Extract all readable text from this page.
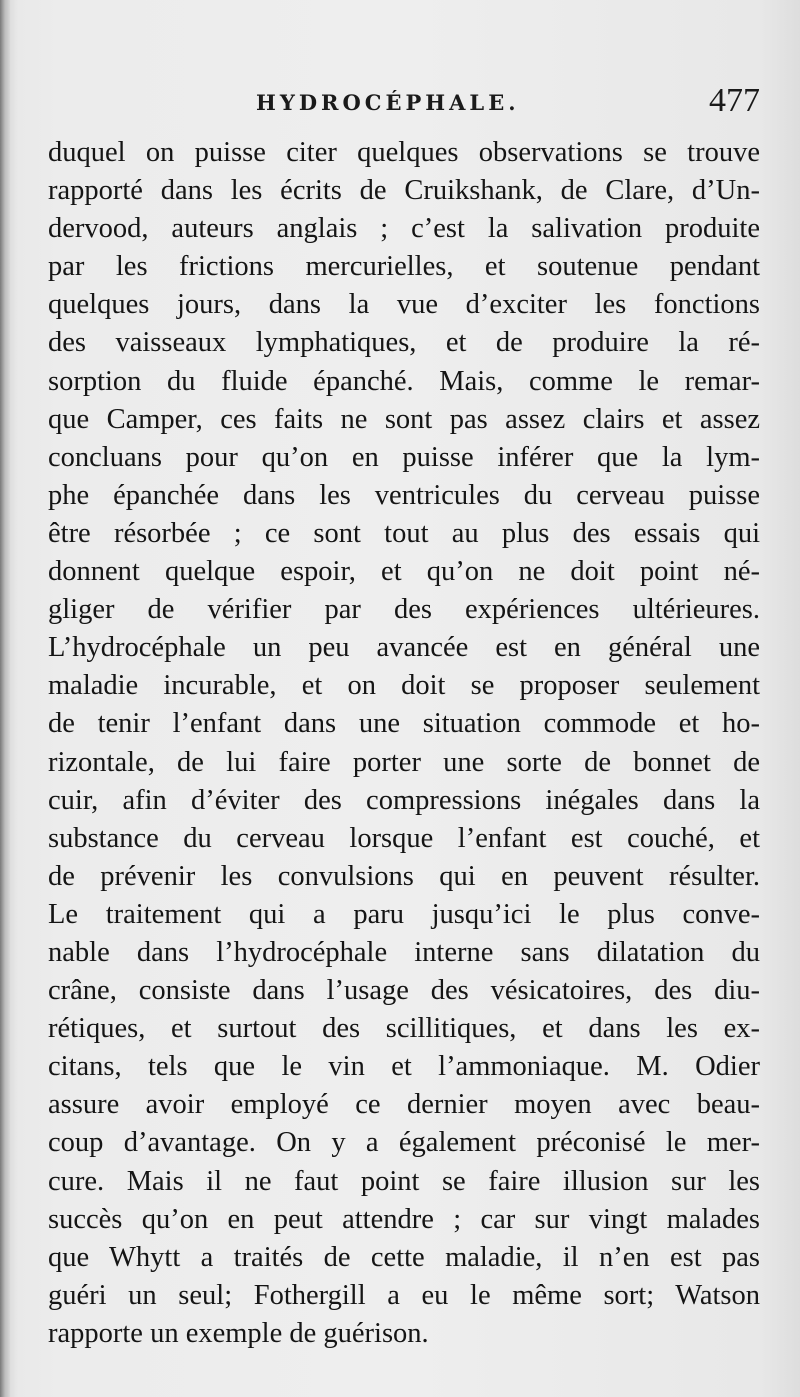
HYDROCÉPHALE.	477
duquel on puisse citer quelques observations se trouve
rapporté dans les écrits de Cruikshank, de Clare, d’Un-
dervood, auteurs anglais ; c’est la salivation produite
par les frictions mercurielles, et soutenue pendant
quelques jours, dans la vue d’exciter les fonctions
des vaisseaux lymphatiques, et de produire la ré-
sorption du fluide épanché. Mais, comme le remar-
que Camper, ces faits ne sont pas assez clairs et assez
concluans pour qu’on en puisse inférer que la lym-
phe épanchée dans les ventricules du cerveau puisse
être résorbée ; ce sont tout au plus des essais qui
donnent quelque espoir, et qu’on ne doit point né-
gliger de vérifier par des expériences ultérieures.
L’hydrocéphale un peu avancée est en général une
maladie incurable, et on doit se proposer seulement
de tenir l’enfant dans une situation commode et ho-
rizontale, de lui faire porter une sorte de bonnet de
cuir, afin d’éviter des compressions inégales dans la
substance du cerveau lorsque l’enfant est couché, et
de prévenir les convulsions qui en peuvent résulter.
Le traitement qui a paru jusqu’ici le plus conve-
nable dans l’hydrocéphale interne sans dilatation du
crâne, consiste dans l’usage des vésicatoires, des diu-
rétiques, et surtout des scillitiques, et dans les ex-
citans, tels que le vin et l’ammoniaque. M. Odier
assure avoir employé ce dernier moyen avec beau-
coup d’avantage. On y a également préconisé le mer-
cure. Mais il ne faut point se faire illusion sur les
succès qu’on en peut attendre ; car sur vingt malades
que Whytt a traités de cette maladie, il n’en est pas
guéri un seul; Fothergill a eu le même sort; Watson
rapporte un exemple de guérison.
